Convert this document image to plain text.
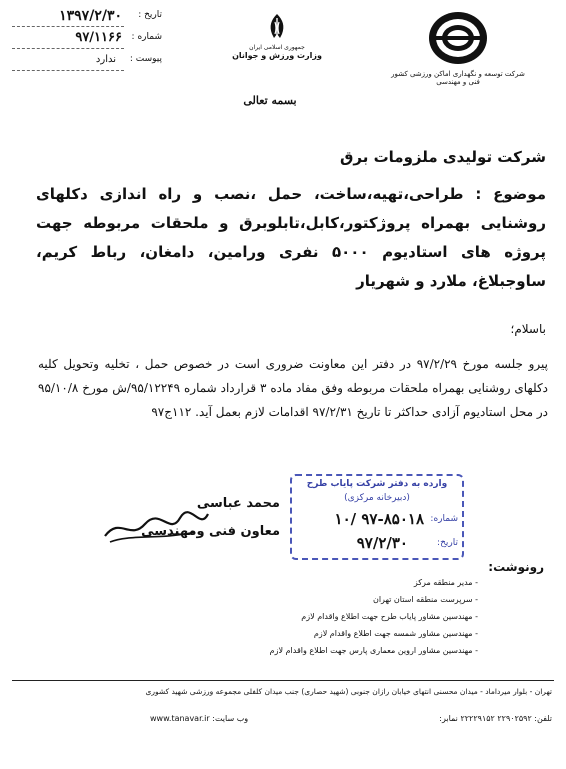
تاریخ :
۱۳۹۷/۲/۳۰
شماره :
۹۷/۱۱۶۶
پیوست :
ندارد
جمهوری اسلامی ایران
وزارت ورزش و جوانان
شرکت توسعه و نگهداری اماکن ورزشی کشور
فنی و مهندسی
بسمه تعالی
شرکت تولیدی ملزومات برق
موضوع : طراحی،تهیه،ساخت، حمل ،نصب و راه اندازی دکلهای روشنایی بهمراه پروژکتور،کابل،تابلوبرق و ملحقات مربوطه جهت پروژه های استادیوم ۵۰۰۰ نفری ورامین، دامغان، رباط کریم، ساوجبلاغ، ملارد و شهریار
باسلام؛
پیرو جلسه مورخ ۹۷/۲/۲۹ در دفتر این معاونت ضروری است در خصوص حمل ، تخلیه وتحویل کلیه دکلهای روشنایی بهمراه ملحقات مربوطه وفق مفاد ماده ۳ قرارداد شماره ۹۵/۱۲۲۴۹/ش مورخ ۹۵/۱۰/۸ در محل استادیوم آزادی حداکثر تا تاریخ ۹۷/۲/۳۱ اقدامات لازم بعمل آید. ۱۱۲ج۹۷
محمد عباسی
معاون فنی ومهندسی
وارده به دفتر شرکت پایاب طرح
(دبیرخانه مرکزی)
شماره:
۹۷-۸۵۰۱۸ /۱۰
تاریخ:
۹۷/۲/۳۰
رونوشت:
- مدیر منطقه مرکز
- سرپرست منطقه استان تهران
- مهندسین مشاور پایاب طرح جهت اطلاع واقدام لازم
- مهندسین مشاور شمسه جهت اطلاع واقدام لازم
- مهندسین مشاور اروین معماری پارس جهت اطلاع واقدام لازم
تهران - بلوار میرداماد - میدان محسنی انتهای خیابان رازان جنوبی (شهید حصاری) جنب میدان کلفلی مجموعه ورزشی شهید کشوری
تلفن: ۲۲۹۰۲۵۹۲ ۲۲۲۲۹۱۵۲ نمابر:
www.tanavar.ir :وب سایت
